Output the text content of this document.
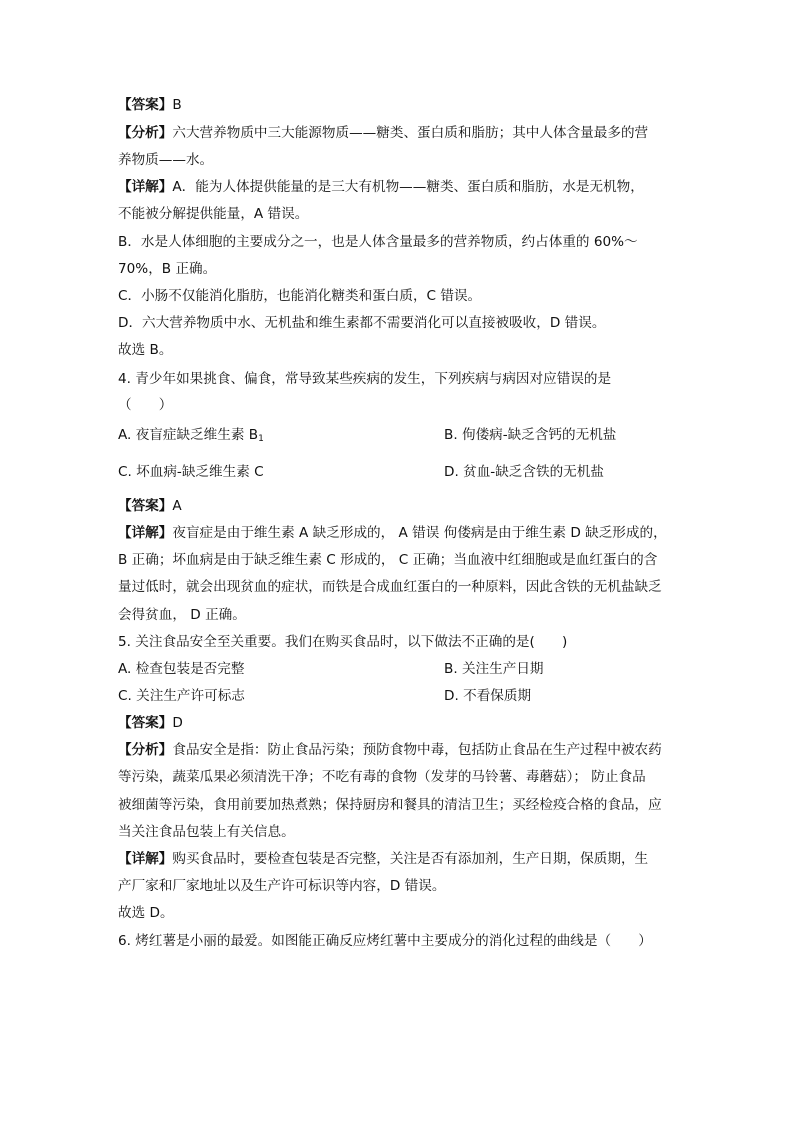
【答案】B
【分析】六大营养物质中三大能源物质——糖类、蛋白质和脂肪；其中人体含量最多的营
养物质——水。
【详解】A．能为人体提供能量的是三大有机物——糖类、蛋白质和脂肪，水是无机物，
不能被分解提供能量，A 错误。
B．水是人体细胞的主要成分之一，也是人体含量最多的营养物质，约占体重的 60%～
70%，B 正确。
C．小肠不仅能消化脂肪，也能消化糖类和蛋白质，C 错误。
D．六大营养物质中水、无机盐和维生素都不需要消化可以直接被吸收，D 错误。
故选 B。
4. 青少年如果挑食、偏食，常导致某些疾病的发生，下列疾病与病因对应错误的是
（　　）
A. 夜盲症缺乏维生素 $B_1$	B. 佝偻病-缺乏含钙的无机盐
C. 坏血病-缺乏维生素 C	D. 贫血-缺乏含铁的无机盐
【答案】A
【详解】夜盲症是由于维生素 A 缺乏形成的， A 错误 佝偻病是由于维生素 D 缺乏形成的，
B 正确；坏血病是由于缺乏维生素 C 形成的， C 正确；当血液中红细胞或是血红蛋白的含
量过低时，就会出现贫血的症状，而铁是合成血红蛋白的一种原料，因此含铁的无机盐缺乏
会得贫血， D 正确。
5. 关注食品安全至关重要。我们在购买食品时，以下做法不正确的是(　　)
A. 检查包装是否完整	B. 关注生产日期
C. 关注生产许可标志	D. 不看保质期
【答案】D
【分析】食品安全是指：防止食品污染；预防食物中毒，包括防止食品在生产过程中被农药
等污染，蔬菜瓜果必须清洗干净；不吃有毒的食物（发芽的马铃薯、毒蘑菇）； 防止食品
被细菌等污染，食用前要加热煮熟；保持厨房和餐具的清洁卫生；买经检疫合格的食品，应
当关注食品包装上有关信息。
【详解】购买食品时，要检查包装是否完整，关注是否有添加剂，生产日期，保质期，生
产厂家和厂家地址以及生产许可标识等内容，D 错误。
故选 D。
6. 烤红薯是小丽的最爱。如图能正确反应烤红薯中主要成分的消化过程的曲线是（　　）
